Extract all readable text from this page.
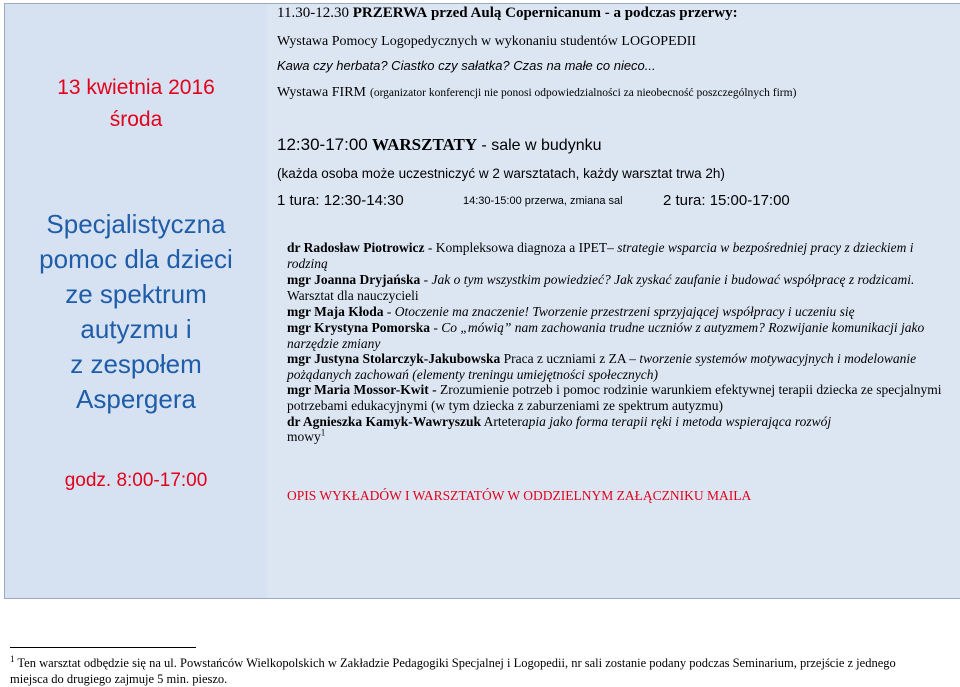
13 kwietnia 2016
środa
Specjalistyczna
pomoc dla dzieci
ze spektrum
autyzmu i
z zespołem
Aspergera
godz. 8:00-17:00
11.30-12.30 PRZERWA przed Aulą Copernicanum - a podczas przerwy:
Wystawa Pomocy Logopedycznych w wykonaniu studentów LOGOPEDII
Kawa czy herbata? Ciastko czy sałatka? Czas na małe co nieco...
Wystawa FIRM (organizator konferencji nie ponosi odpowiedzialności za nieobecność poszczególnych firm)
12:30-17:00 WARSZTATY - sale w budynku
(każda osoba może uczestniczyć w 2 warsztatach, każdy warsztat trwa 2h)
1 tura: 12:30-14:30	14:30-15:00 przerwa, zmiana sal	2 tura: 15:00-17:00

dr Radosław Piotrowicz - Kompleksowa diagnoza a IPET– strategie wsparcia w bezpośredniej pracy z dzieckiem i rodziną

mgr Joanna Dryjańska - Jak o tym wszystkim powiedzieć? Jak zyskać zaufanie i budować współpracę z rodzicami. Warsztat dla nauczycieli

mgr Maja Kłoda - Otoczenie ma znaczenie! Tworzenie przestrzeni sprzyjającej współpracy i uczeniu się

mgr Krystyna Pomorska - Co „mówią” nam zachowania trudne uczniów z autyzmem? Rozwijanie komunikacji jako narzędzie zmiany

mgr Justyna Stolarczyk-Jakubowska Praca z uczniami z ZA – tworzenie systemów motywacyjnych i modelowanie pożądanych zachowań (elementy treningu umiejętności społecznych)

mgr Maria Mossor-Kwit - Zrozumienie potrzeb i pomoc rodzinie warunkiem efektywnej terapii dziecka ze specjalnymi potrzebami edukacyjnymi (w tym dziecka z zaburzeniami ze spektrum autyzmu)

dr Agnieszka Kamyk-Wawryszuk Arteterapia jako forma terapii ręki i metoda wspierająca rozwój
mowy$^1$

OPIS WYKŁADÓW I WARSZTATÓW W ODDZIELNYM ZAŁĄCZNIKU MAILA
$^1$ Ten warsztat odbędzie się na ul. Powstańców Wielkopolskich w Zakładzie Pedagogiki Specjalnej i Logopedii, nr sali zostanie podany podczas Seminarium, przejście z jednego miejsca do drugiego zajmuje 5 min. pieszo.
